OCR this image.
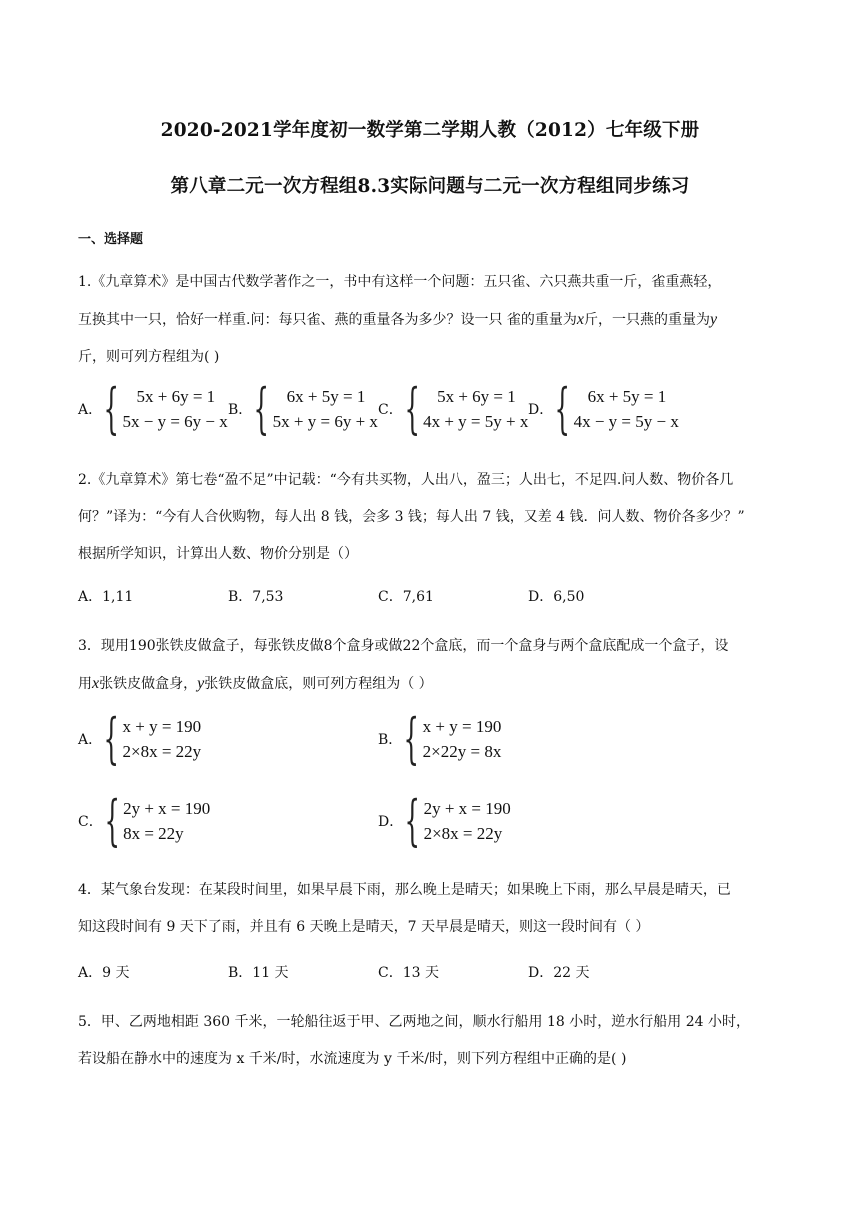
2020-2021学年度初一数学第二学期人教（2012）七年级下册
第八章二元一次方程组8.3实际问题与二元一次方程组同步练习
一、选择题
1.《九章算术》是中国古代数学著作之一，书中有这样一个问题：五只雀、六只燕共重一斤，雀重燕轻，
互换其中一只，恰好一样重.问：每只雀、燕的重量各为多少？设一只 雀的重量为x斤，一只燕的重量为y
斤，则可列方程组为( )
A． {	5x + 6y = 1
5x − y = 6y − x
B． {	6x + 5y = 1
5x + y = 6y + x
C． {	5x + 6y = 1
4x + y = 5y + x
D． {	6x + 5y = 1
4x − y = 5y − x
2.《九章算术》第七卷“盈不足”中记载：“今有共买物，人出八，盈三；人出七，不足四.问人数、物价各几
何？”译为：“今有人合伙购物，每人出 8 钱，会多 3 钱；每人出 7 钱，又差 4 钱．问人数、物价各多少？”
根据所学知识，计算出人数、物价分别是（）
A．1,11	B．7,53	C．7,61	D．6,50
3．现用190张铁皮做盒子，每张铁皮做8个盒身或做22个盒底，而一个盒身与两个盒底配成一个盒子，设
用x张铁皮做盒身，y张铁皮做盒底，则可列方程组为（ ）
A． { x + y = 190
2×8x = 22y
B． { x + y = 190
2×22y = 8x
C． { 2y + x = 190
8x = 22y
D． { 2y + x = 190
2×8x = 22y
4．某气象台发现：在某段时间里，如果早晨下雨，那么晚上是晴天；如果晚上下雨，那么早晨是晴天，已
知这段时间有 9 天下了雨，并且有 6 天晚上是晴天，7 天早晨是晴天，则这一段时间有（ ）
A．9 天	B．11 天	C．13 天	D．22 天
5．甲、乙两地相距 360 千米，一轮船往返于甲、乙两地之间，顺水行船用 18 小时，逆水行船用 24 小时，
若设船在静水中的速度为 x 千米/时，水流速度为 y 千米/时，则下列方程组中正确的是( )
